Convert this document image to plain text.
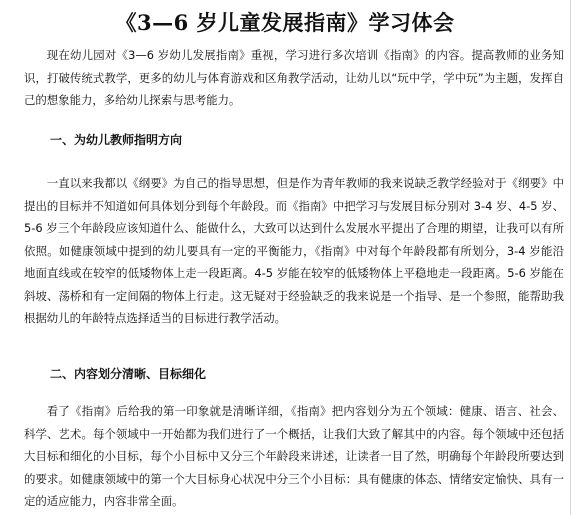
《3—6 岁儿童发展指南》学习体会

现在幼儿园对《3—6 岁幼儿发展指南》重视，学习进行多次培训《指南》的内容。提高教师的业务知识，打破传统式教学，更多的幼儿与体育游戏和区角教学活动，让幼儿以“玩中学，学中玩”为主题，发挥自己的想象能力，多给幼儿探索与思考能力。

一、为幼儿教师指明方向

一直以来我都以《纲要》为自己的指导思想，但是作为青年教师的我来说缺乏教学经验对于《纲要》中提出的目标并不知道如何具体划分到每个年龄段。而《指南》中把学习与发展目标分别对 3-4 岁、4-5 岁、5-6 岁三个年龄段应该知道什么、能做什么，大致可以达到什么发展水平提出了合理的期望，让我可以有所依照。如健康领域中提到的幼儿要具有一定的平衡能力，《指南》中对每个年龄段都有所划分，3-4 岁能沿地面直线或在较窄的低矮物体上走一段距离。4-5 岁能在较窄的低矮物体上平稳地走一段距离。5-6 岁能在斜坡、荡桥和有一定间隔的物体上行走。这无疑对于经验缺乏的我来说是一个指导、是一个参照，能帮助我根据幼儿的年龄特点选择适当的目标进行教学活动。

二、内容划分清晰、目标细化

看了《指南》后给我的第一印象就是清晰详细，《指南》把内容划分为五个领域：健康、语言、社会、科学、艺术。每个领域中一开始都为我们进行了一个概括，让我们大致了解其中的内容。每个领域中还包括大目标和细化的小目标，每个小目标中又分三个年龄段来讲述，让读者一目了然，明确每个年龄段所要达到的要求。如健康领域中的第一个大目标身心状况中分三个小目标：具有健康的体态、情绪安定愉快、具有一定的适应能力，内容非常全面。
